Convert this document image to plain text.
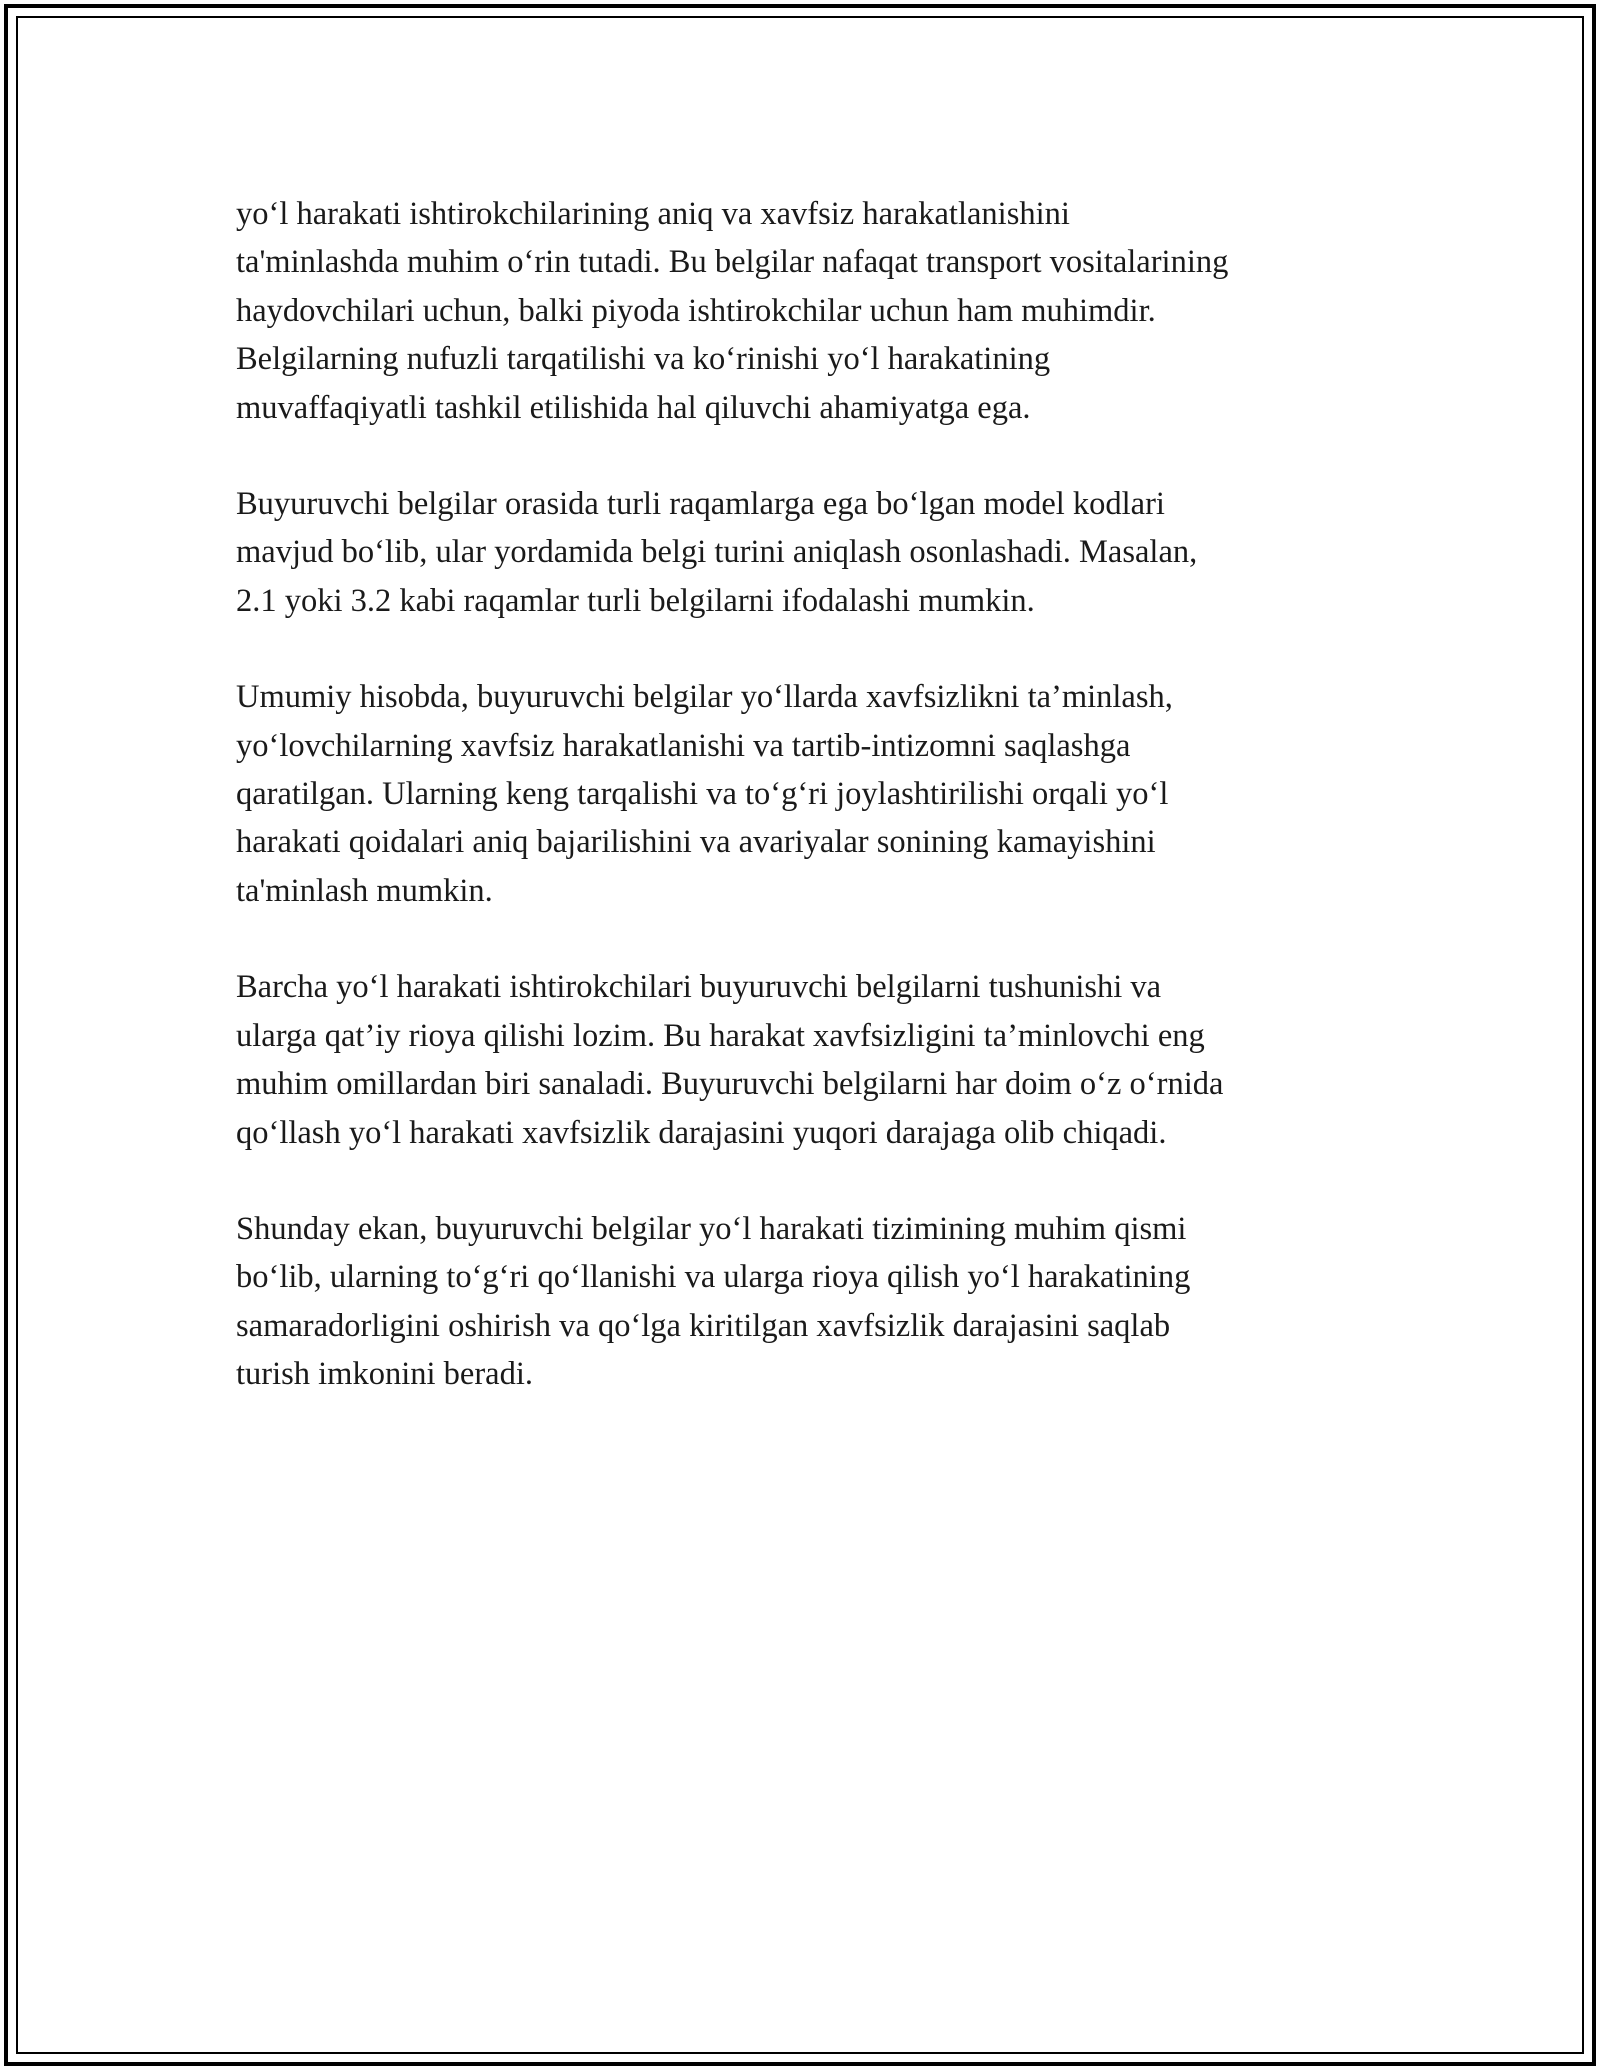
yo‘l harakati ishtirokchilarining aniq va xavfsiz harakatlanishini
ta'minlashda muhim o‘rin tutadi. Bu belgilar nafaqat transport vositalarining
haydovchilari uchun, balki piyoda ishtirokchilar uchun ham muhimdir.
Belgilarning nufuzli tarqatilishi va ko‘rinishi yo‘l harakatining
muvaffaqiyatli tashkil etilishida hal qiluvchi ahamiyatga ega.

Buyuruvchi belgilar orasida turli raqamlarga ega bo‘lgan model kodlari
mavjud bo‘lib, ular yordamida belgi turini aniqlash osonlashadi. Masalan,
2.1 yoki 3.2 kabi raqamlar turli belgilarni ifodalashi mumkin.

Umumiy hisobda, buyuruvchi belgilar yo‘llarda xavfsizlikni ta’minlash,
yo‘lovchilarning xavfsiz harakatlanishi va tartib-intizomni saqlashga
qaratilgan. Ularning keng tarqalishi va to‘g‘ri joylashtirilishi orqali yo‘l
harakati qoidalari aniq bajarilishini va avariyalar sonining kamayishini
ta'minlash mumkin.

Barcha yo‘l harakati ishtirokchilari buyuruvchi belgilarni tushunishi va
ularga qat’iy rioya qilishi lozim. Bu harakat xavfsizligini ta’minlovchi eng
muhim omillardan biri sanaladi. Buyuruvchi belgilarni har doim o‘z o‘rnida
qo‘llash yo‘l harakati xavfsizlik darajasini yuqori darajaga olib chiqadi.

Shunday ekan, buyuruvchi belgilar yo‘l harakati tizimining muhim qismi
bo‘lib, ularning to‘g‘ri qo‘llanishi va ularga rioya qilish yo‘l harakatining
samaradorligini oshirish va qo‘lga kiritilgan xavfsizlik darajasini saqlab
turish imkonini beradi.
